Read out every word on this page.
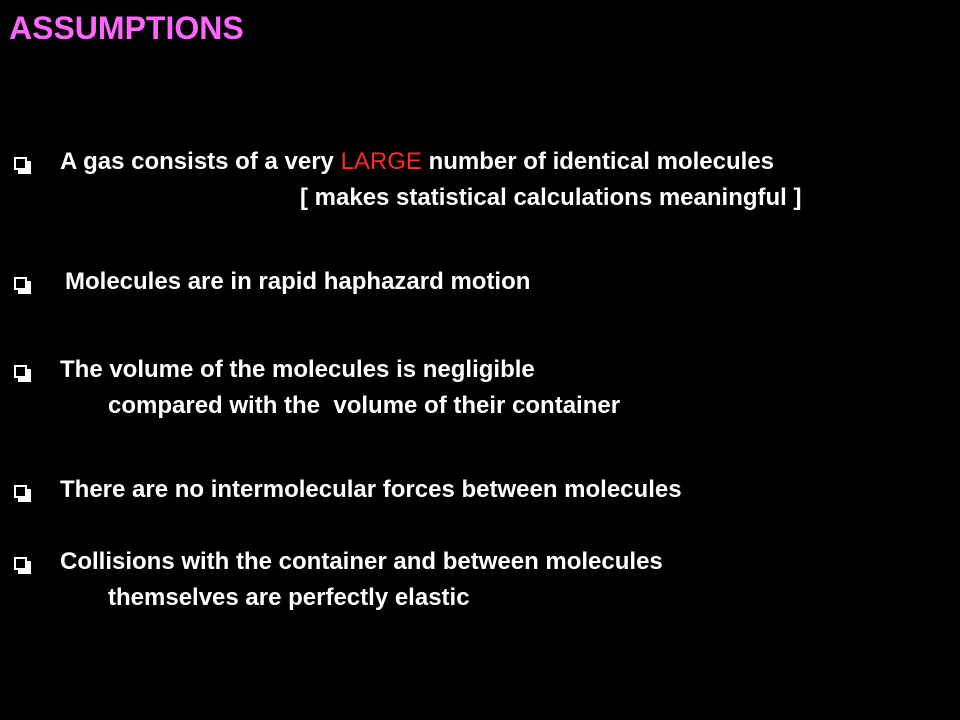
ASSUMPTIONS
A gas consists of a very LARGE number of identical molecules
[ makes statistical calculations meaningful ]
Molecules are in rapid haphazard motion
The volume of the molecules is negligible
compared with the  volume of their container
There are no intermolecular forces between molecules
Collisions with the container and between molecules
themselves are perfectly elastic
